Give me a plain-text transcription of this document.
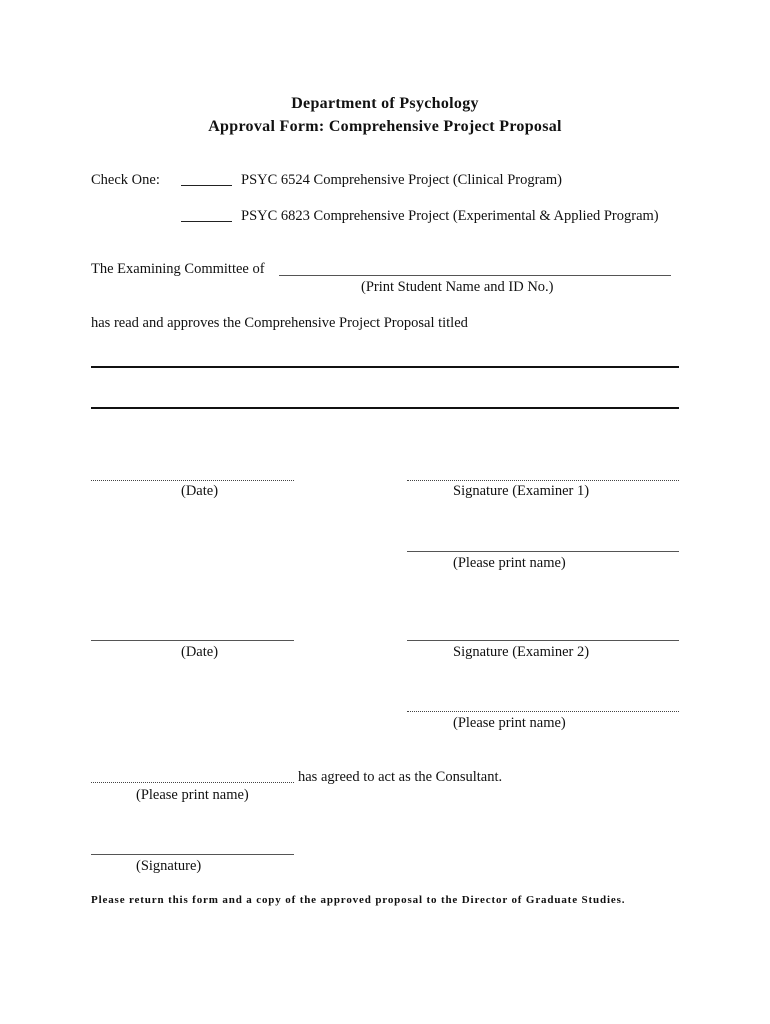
Department of Psychology
Approval Form: Comprehensive Project Proposal
Check One:	PSYC 6524 Comprehensive Project (Clinical Program)
PSYC 6823 Comprehensive Project (Experimental & Applied Program)
The Examining Committee of
(Print Student Name and ID No.)
has read and approves the Comprehensive Project Proposal titled
(Date)	Signature (Examiner 1)
(Please print name)
(Date)	Signature (Examiner 2)
(Please print name)
has agreed to act as the Consultant.
(Please print name)
(Signature)
Please return this form and a copy of the approved proposal to the Director of Graduate Studies.
